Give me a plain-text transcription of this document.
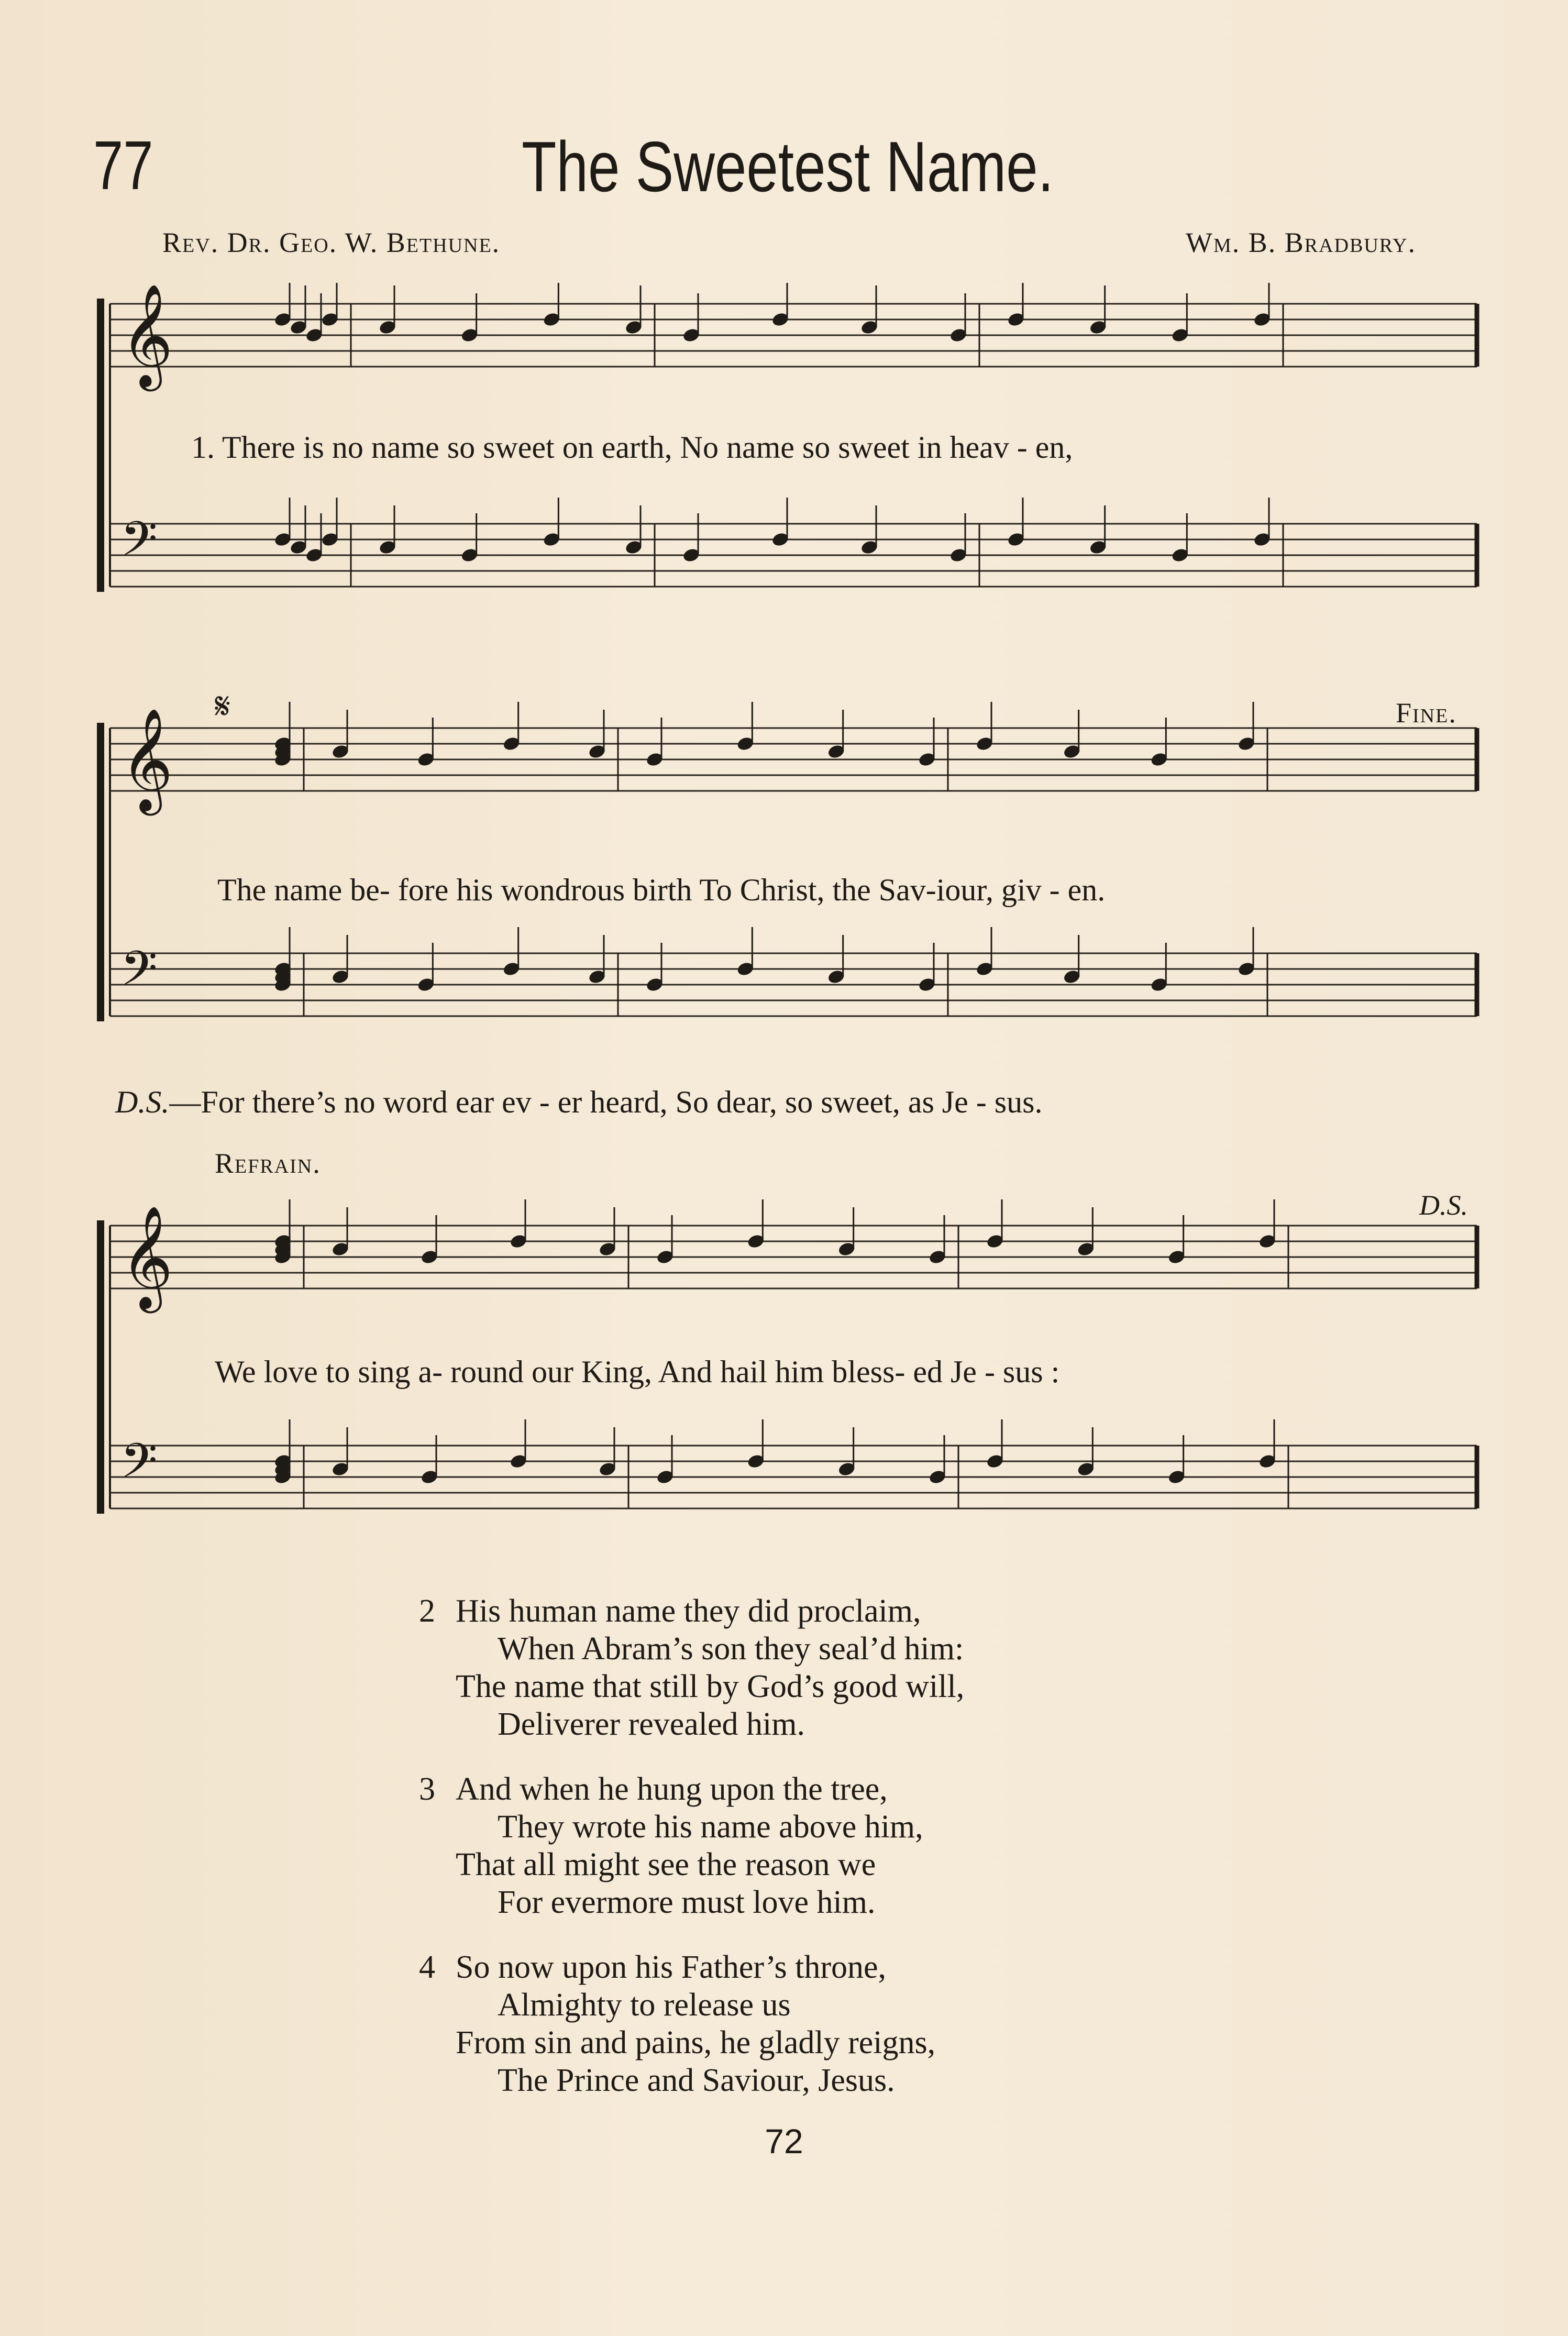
77	The Sweetest Name.
Rev. Dr. Geo. W. Bethune.	Wm. B. Bradbury.
𝄞
𝄢
1. There is no name so sweet on earth, No name so sweet in heav - en,
𝄋	Fine.
𝄞
𝄢
The name be- fore his wondrous birth To Christ, the Sav-iour, giv - en.
D.S.—For there’s no word ear ev - er heard, So dear, so sweet, as Je - sus.
Refrain.
D.S.
𝄞
𝄢
We love to sing a- round our King, And hail him bless- ed Je - sus :
2 His human name they did proclaim,
When Abram’s son they seal’d him:
The name that still by God’s good will,
Deliverer revealed him.
3 And when he hung upon the tree,
They wrote his name above him,
That all might see the reason we
For evermore must love him.
4 So now upon his Father’s throne,
Almighty to release us
From sin and pains, he gladly reigns,
The Prince and Saviour, Jesus.
72
